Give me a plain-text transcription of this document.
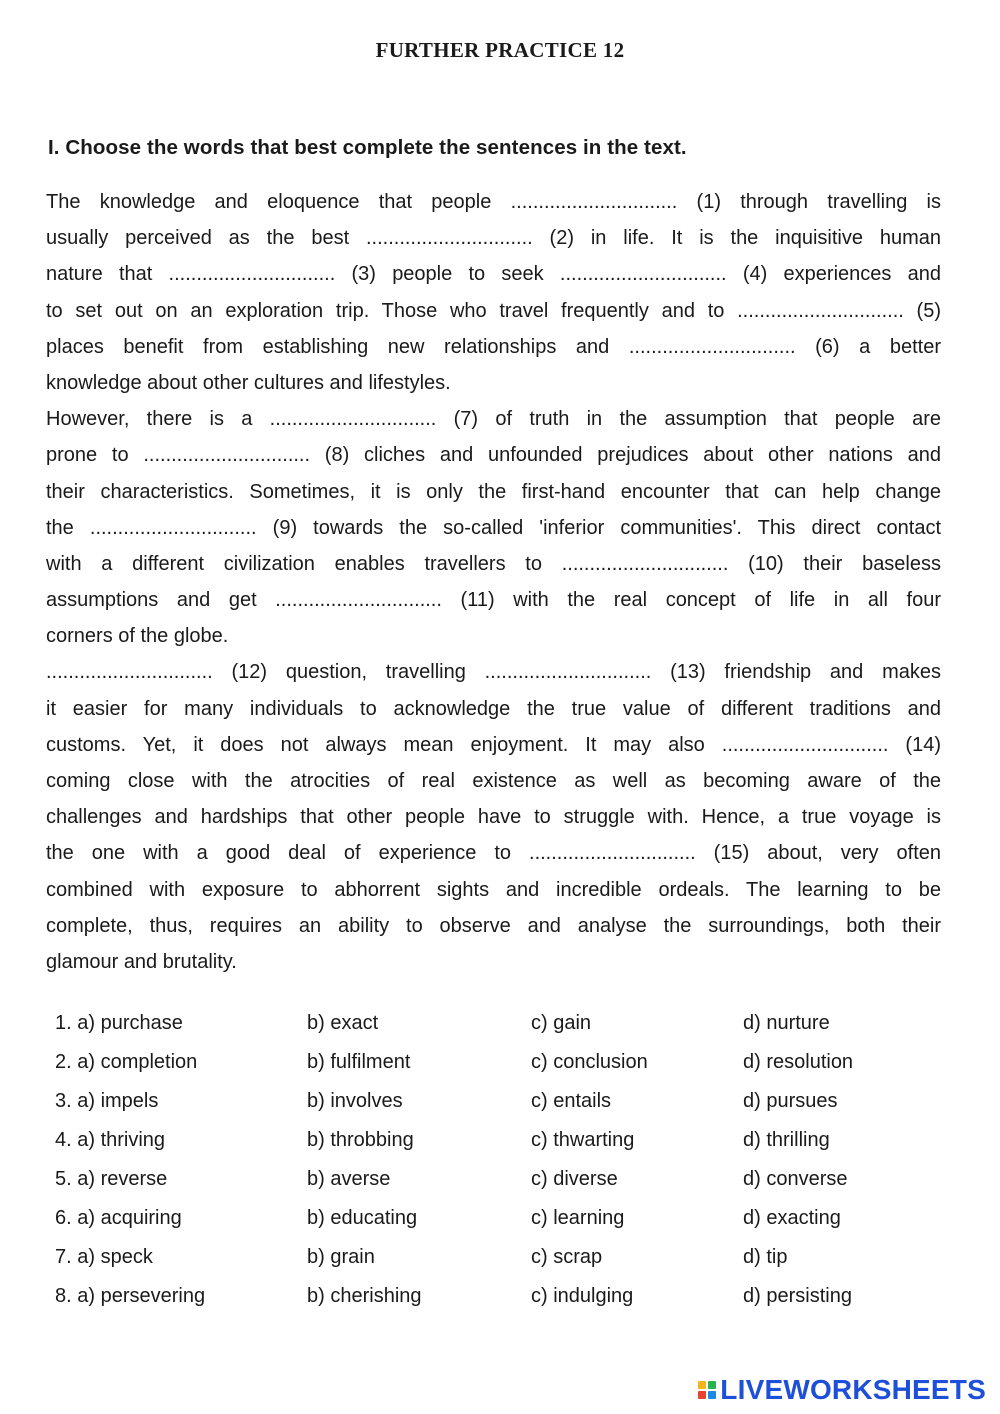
FURTHER PRACTICE 12
I. Choose the words that best complete the sentences in the text.
The knowledge and eloquence that people .............................. (1) through travelling is
usually perceived as the best .............................. (2) in life. It is the inquisitive human
nature that .............................. (3) people to seek .............................. (4) experiences and
to set out on an exploration trip. Those who travel frequently and to .............................. (5)
places benefit from establishing new relationships and .............................. (6) a better
knowledge about other cultures and lifestyles.
However, there is a .............................. (7) of truth in the assumption that people are
prone to .............................. (8) cliches and unfounded prejudices about other nations and
their characteristics. Sometimes, it is only the first-hand encounter that can help change
the .............................. (9) towards the so-called 'inferior communities'. This direct contact
with a different civilization enables travellers to .............................. (10) their baseless
assumptions and get .............................. (11) with the real concept of life in all four
corners of the globe.
.............................. (12) question, travelling .............................. (13) friendship and makes
it easier for many individuals to acknowledge the true value of different traditions and
customs. Yet, it does not always mean enjoyment. It may also .............................. (14)
coming close with the atrocities of real existence as well as becoming aware of the
challenges and hardships that other people have to struggle with. Hence, a true voyage is
the one with a good deal of experience to .............................. (15) about, very often
combined with exposure to abhorrent sights and incredible ordeals. The learning to be
complete, thus, requires an ability to observe and analyse the surroundings, both their
glamour and brutality.
1. a) purchase	b) exact	c) gain	d) nurture
2. a) completion	b) fulfilment	c) conclusion	d) resolution
3. a) impels	b) involves	c) entails	d) pursues
4. a) thriving	b) throbbing	c) thwarting	d) thrilling
5. a) reverse	b) averse	c) diverse	d) converse
6. a) acquiring	b) educating	c) learning	d) exacting
7. a) speck	b) grain	c) scrap	d) tip
8. a) persevering	b) cherishing	c) indulging	d) persisting
LIVEWORKSHEETS
